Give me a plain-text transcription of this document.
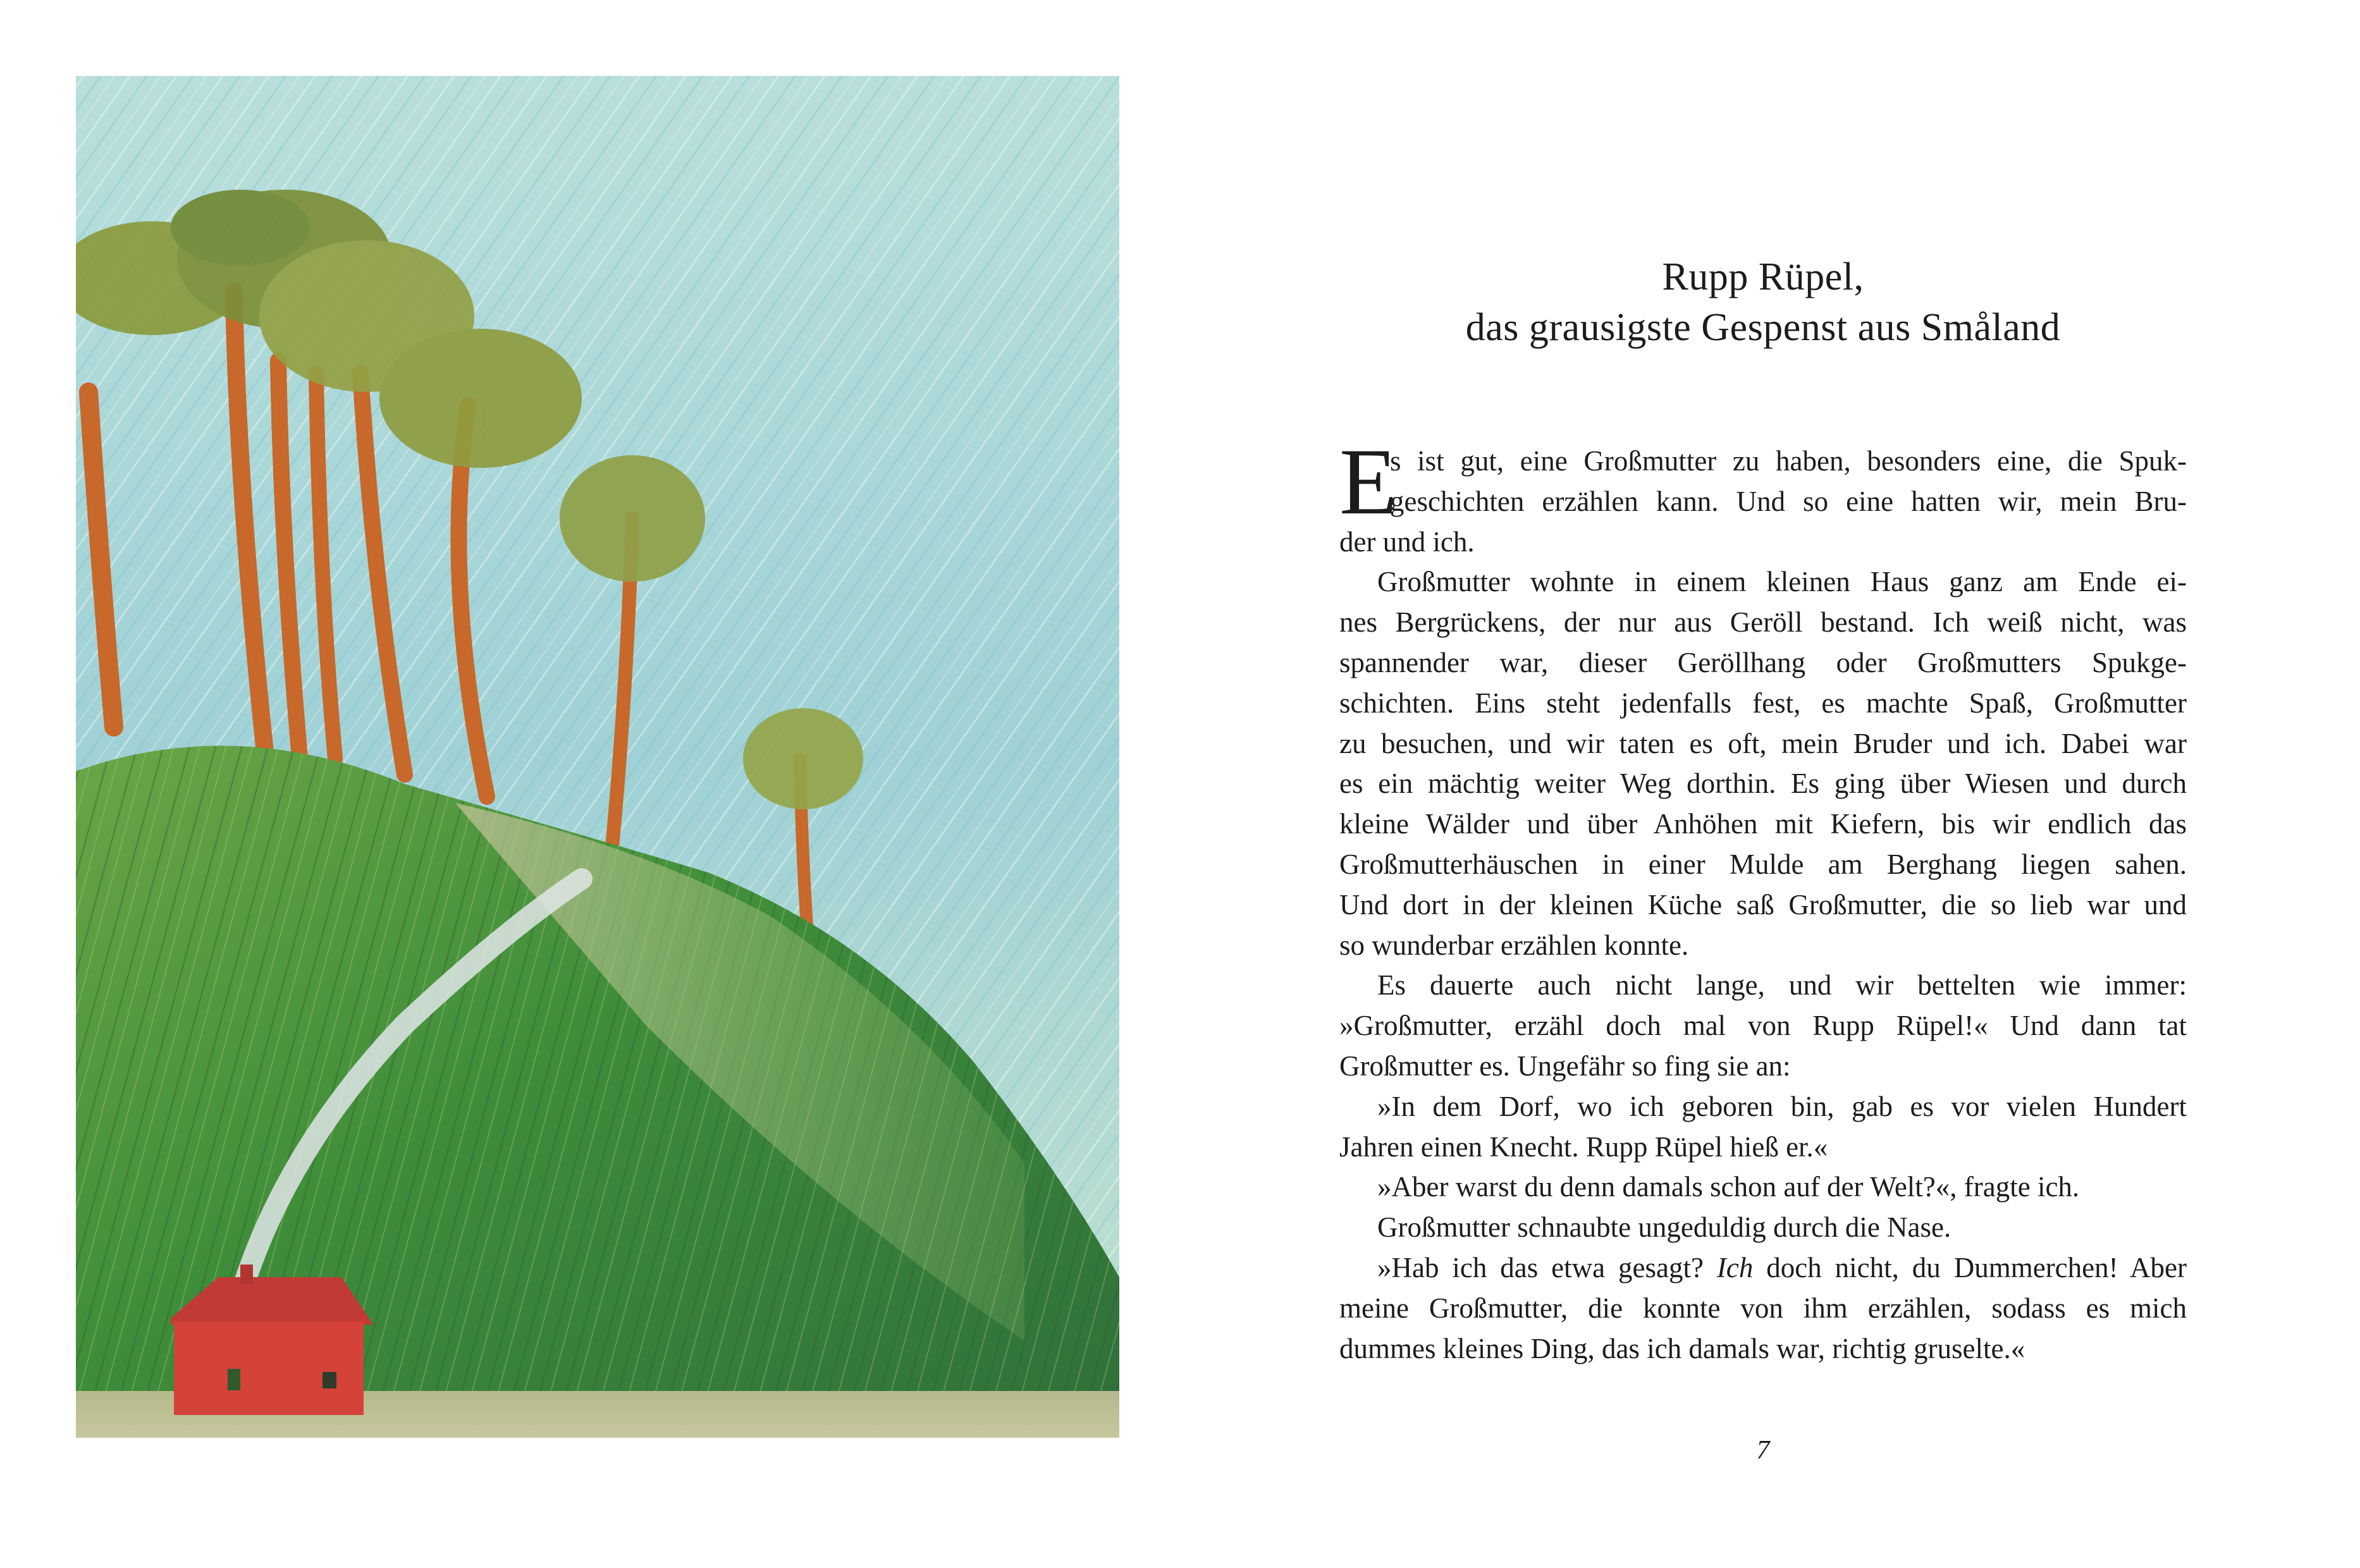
Rupp Rüpel,
das grausigste Gespenst aus Småland
E
s ist gut, eine Großmutter zu haben, besonders eine, die Spuk-
geschichten erzählen kann. Und so eine hatten wir, mein Bru-
der und ich.
Großmutter wohnte in einem kleinen Haus ganz am Ende ei-
nes Bergrückens, der nur aus Geröll bestand. Ich weiß nicht, was
spannender war, dieser Geröllhang oder Großmutters Spukge-
schichten. Eins steht jedenfalls fest, es machte Spaß, Großmutter
zu besuchen, und wir taten es oft, mein Bruder und ich. Dabei war
es ein mächtig weiter Weg dorthin. Es ging über Wiesen und durch
kleine Wälder und über Anhöhen mit Kiefern, bis wir endlich das
Großmutterhäuschen in einer Mulde am Berghang liegen sahen.
Und dort in der kleinen Küche saß Großmutter, die so lieb war und
so wunderbar erzählen konnte.
Es dauerte auch nicht lange, und wir bettelten wie immer:
»Großmutter, erzähl doch mal von Rupp Rüpel!« Und dann tat
Großmutter es. Ungefähr so fing sie an:
»In dem Dorf, wo ich geboren bin, gab es vor vielen Hundert
Jahren einen Knecht. Rupp Rüpel hieß er.«
»Aber warst du denn damals schon auf der Welt?«, fragte ich.
Großmutter schnaubte ungeduldig durch die Nase.
»Hab ich das etwa gesagt? Ich doch nicht, du Dummerchen! Aber
meine Großmutter, die konnte von ihm erzählen, sodass es mich
dummes kleines Ding, das ich damals war, richtig gruselte.«
7
